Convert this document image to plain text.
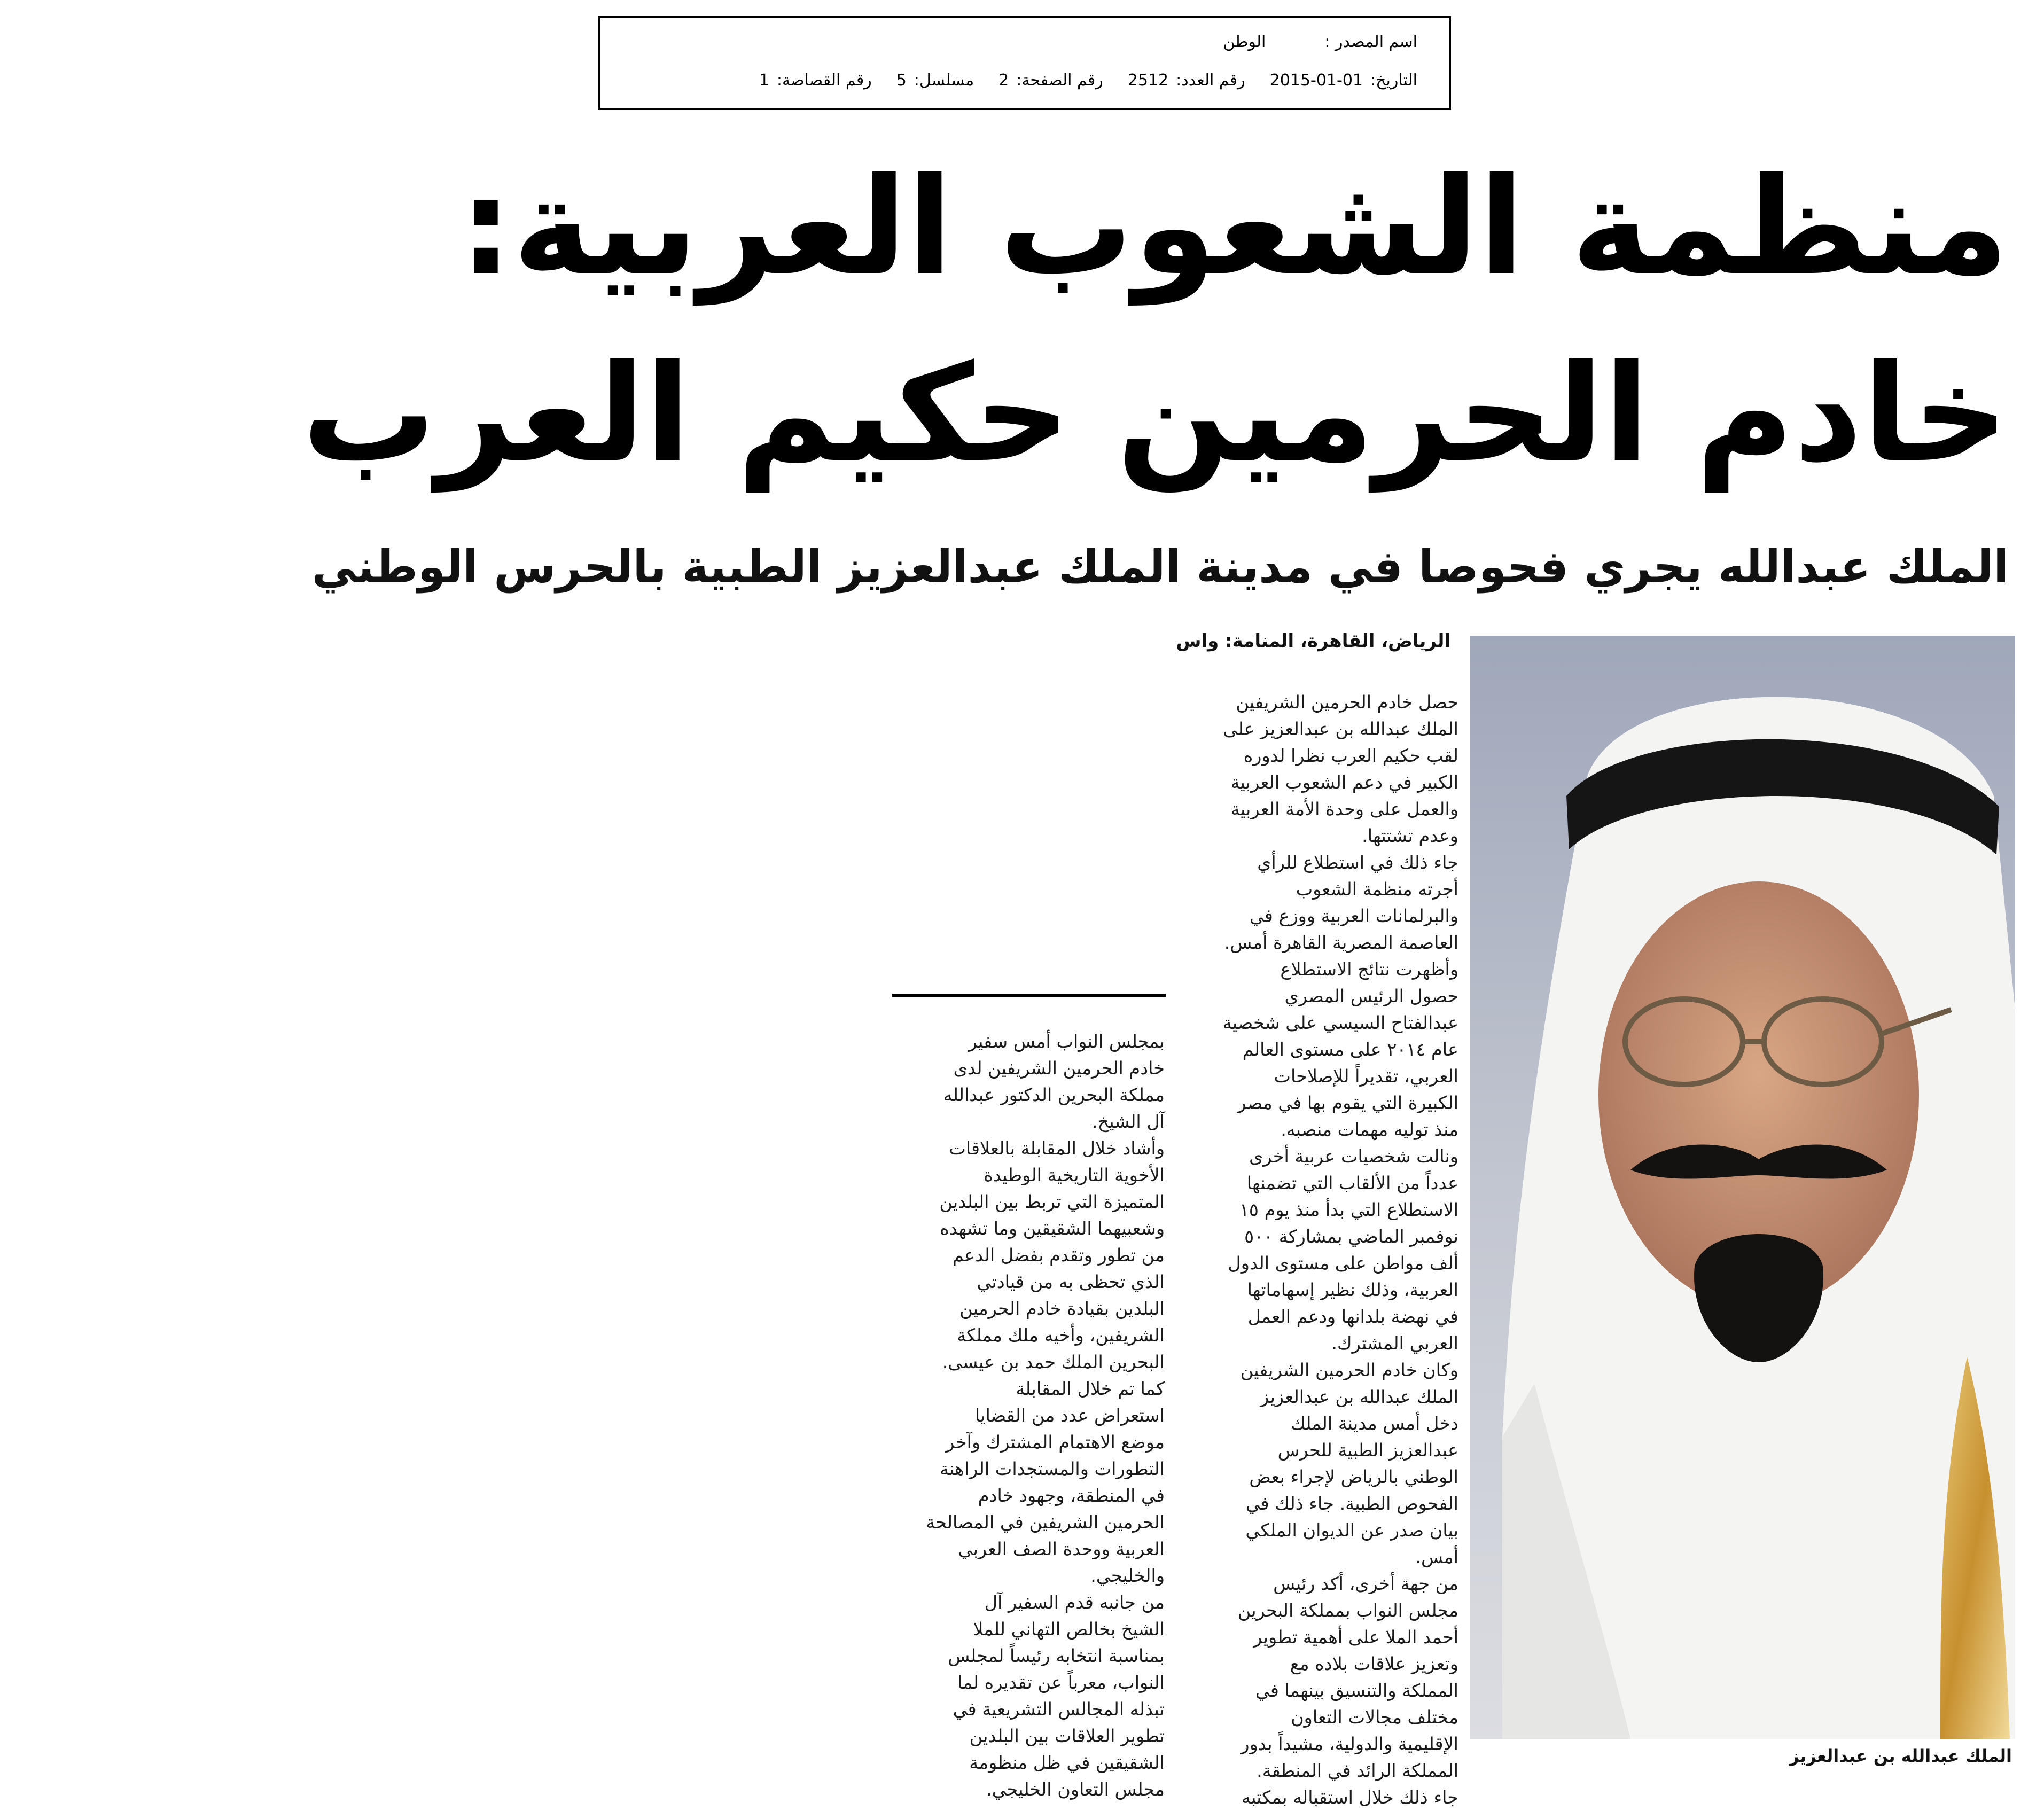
اسم المصدر :
الوطن
التاريخ:
2015-01-01
رقم العدد:
2512
رقم الصفحة:
2
مسلسل:
5
رقم القصاصة:
1
منظمة الشعوب العربية:
خادم الحرمين حكيم العرب
الملك عبدالله يجري فحوصا في مدينة الملك عبدالعزيز الطبية بالحرس الوطني
الملك عبدالله بن عبدالعزيز
الرياض، القاهرة، المنامة: واس

حصل خادم الحرمين الشريفين

الملك عبدالله بن عبدالعزيز على

لقب حكيم العرب نظرا لدوره

الكبير في دعم الشعوب العربية

والعمل على وحدة الأمة العربية

وعدم تشتتها.

جاء ذلك في استطلاع للرأي

أجرته منظمة الشعوب

والبرلمانات العربية ووزع في

العاصمة المصرية القاهرة أمس.

وأظهرت نتائج الاستطلاع

حصول الرئيس المصري

عبدالفتاح السيسي على شخصية

عام ٢٠١٤ على مستوى العالم

العربي، تقديراً للإصلاحات

الكبيرة التي يقوم بها في مصر

منذ توليه مهمات منصبه.

ونالت شخصيات عربية أخرى

عدداً من الألقاب التي تضمنها

الاستطلاع التي بدأ منذ يوم ١٥

نوفمبر الماضي بمشاركة ٥٠٠

ألف مواطن على مستوى الدول

العربية، وذلك نظير إسهاماتها

في نهضة بلدانها ودعم العمل

العربي المشترك.

وكان خادم الحرمين الشريفين

الملك عبدالله بن عبدالعزيز

دخل أمس مدينة الملك

عبدالعزيز الطبية للحرس

الوطني بالرياض لإجراء بعض

الفحوص الطبية. جاء ذلك في

بيان صدر عن الديوان الملكي

أمس.

من جهة أخرى، أكد رئيس

مجلس النواب بمملكة البحرين

أحمد الملا على أهمية تطوير

وتعزيز علاقات بلاده مع

المملكة والتنسيق بينهما في

مختلف مجالات التعاون

الإقليمية والدولية، مشيداً بدور

المملكة الرائد في المنطقة.

جاء ذلك خلال استقباله بمكتبه

بمجلس النواب أمس سفير

خادم الحرمين الشريفين لدى

مملكة البحرين الدكتور عبدالله

آل الشيخ.

وأشاد خلال المقابلة بالعلاقات

الأخوية التاريخية الوطيدة

المتميزة التي تربط بين البلدين

وشعبيهما الشقيقين وما تشهده

من تطور وتقدم بفضل الدعم

الذي تحظى به من قيادتي

البلدين بقيادة خادم الحرمين

الشريفين، وأخيه ملك مملكة

البحرين الملك حمد بن عيسى.

كما تم خلال المقابلة

استعراض عدد من القضايا

موضع الاهتمام المشترك وآخر

التطورات والمستجدات الراهنة

في المنطقة، وجهود خادم

الحرمين الشريفين في المصالحة

العربية ووحدة الصف العربي

والخليجي.

من جانبه قدم السفير آل

الشيخ بخالص التهاني للملا

بمناسبة انتخابه رئيساً لمجلس

النواب، معرباً عن تقديره لما

تبذله المجالس التشريعية في

تطوير العلاقات بين البلدين

الشقيقين في ظل منظومة

مجلس التعاون الخليجي.
